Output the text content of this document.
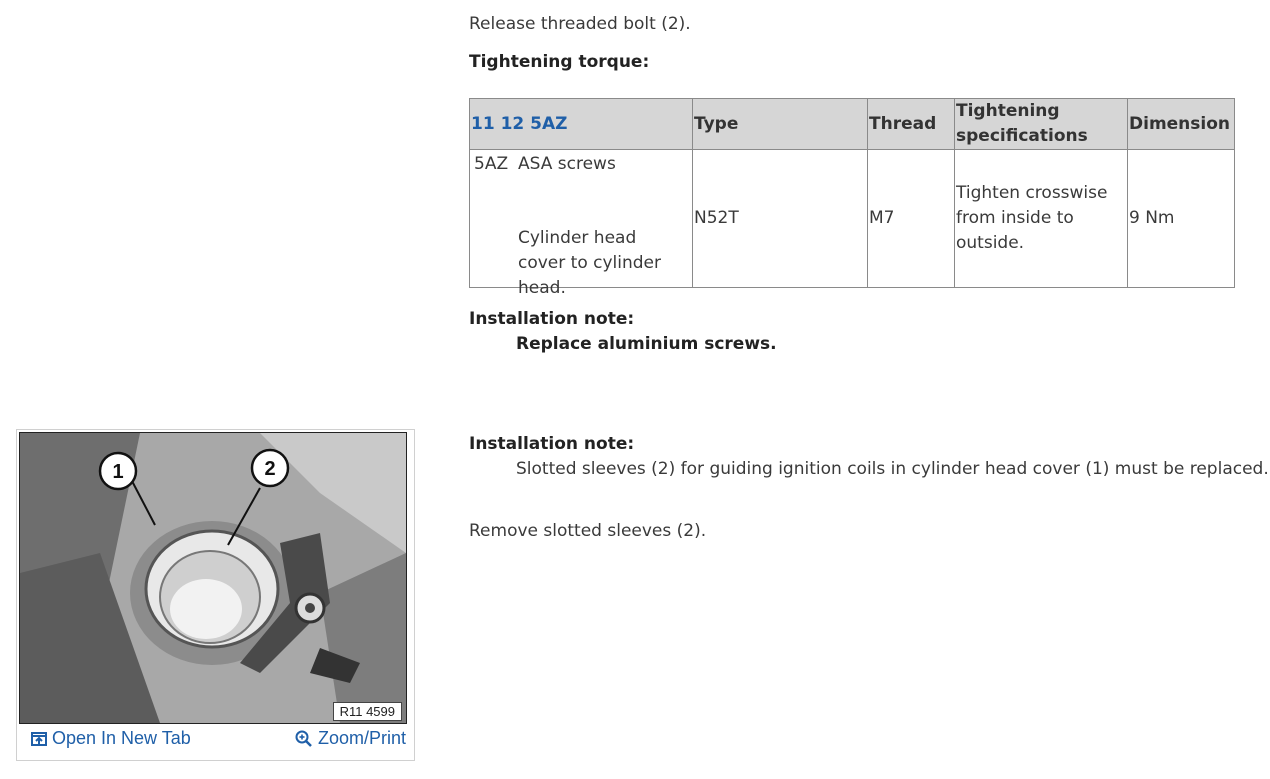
Release threaded bolt (2).

Tightening torque:

11 12 5AZ	Type	Thread	Tightening specifications	Dimension

5AZ ASA screws
Cylinder head cover to cylinder head.	N52T	M7	Tighten crosswise from inside to outside.	9 Nm

Installation note:

Replace aluminium screws.

Installation note:

Slotted sleeves (2) for guiding ignition coils in cylinder head cover (1) must be replaced.

Remove slotted sleeves (2).

1	2
R11 4599
Open In New Tab	Zoom/Print
